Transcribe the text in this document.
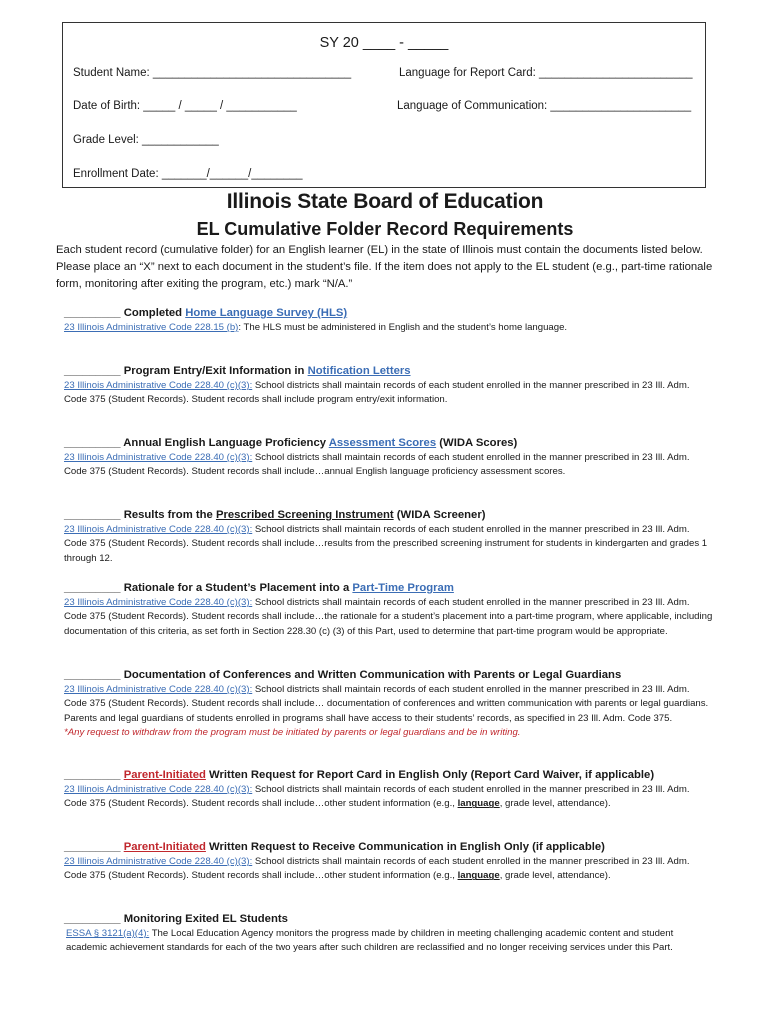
SY 20 ____ - _____
Student Name: _______________________________	Language for Report Card: ________________________
Date of Birth: _____ / _____ / ___________	Language of Communication: ______________________
Grade Level: ____________
Enrollment Date: _______/______/________
Illinois State Board of Education
EL Cumulative Folder Record Requirements
Each student record (cumulative folder) for an English learner (EL) in the state of Illinois must contain the documents listed below. Please place an “X” next to each document in the student’s file. If the item does not apply to the EL student (e.g., part-time rationale form, monitoring after exiting the program, etc.) mark “N/A.”
_________ Completed Home Language Survey (HLS)
23 Illinois Administrative Code 228.15 (b): The HLS must be administered in English and the student’s home language.
_________ Program Entry/Exit Information in Notification Letters
23 Illinois Administrative Code 228.40 (c)(3): School districts shall maintain records of each student enrolled in the manner prescribed in 23 Ill. Adm. Code 375 (Student Records). Student records shall include program entry/exit information.
_________ Annual English Language Proficiency Assessment Scores (WIDA Scores)
23 Illinois Administrative Code 228.40 (c)(3): School districts shall maintain records of each student enrolled in the manner prescribed in 23 Ill. Adm. Code 375 (Student Records). Student records shall include…annual English language proficiency assessment scores.
_________ Results from the Prescribed Screening Instrument (WIDA Screener)
23 Illinois Administrative Code 228.40 (c)(3): School districts shall maintain records of each student enrolled in the manner prescribed in 23 Ill. Adm. Code 375 (Student Records). Student records shall include…results from the prescribed screening instrument for students in kindergarten and grades 1 through 12.
_________ Rationale for a Student’s Placement into a Part-Time Program
23 Illinois Administrative Code 228.40 (c)(3): School districts shall maintain records of each student enrolled in the manner prescribed in 23 Ill. Adm. Code 375 (Student Records). Student records shall include…the rationale for a student’s placement into a part-time program, where applicable, including documentation of this criteria, as set forth in Section 228.30 (c) (3) of this Part, used to determine that part-time program would be appropriate.
_________ Documentation of Conferences and Written Communication with Parents or Legal Guardians
23 Illinois Administrative Code 228.40 (c)(3): School districts shall maintain records of each student enrolled in the manner prescribed in 23 Ill. Adm. Code 375 (Student Records). Student records shall include… documentation of conferences and written communication with parents or legal guardians. Parents and legal guardians of students enrolled in programs shall have access to their students’ records, as specified in 23 Ill. Adm. Code 375.
*Any request to withdraw from the program must be initiated by parents or legal guardians and be in writing.
_________ Parent-Initiated Written Request for Report Card in English Only (Report Card Waiver, if applicable)
23 Illinois Administrative Code 228.40 (c)(3): School districts shall maintain records of each student enrolled in the manner prescribed in 23 Ill. Adm. Code 375 (Student Records). Student records shall include…other student information (e.g., language, grade level, attendance).
_________ Parent-Initiated Written Request to Receive Communication in English Only (if applicable)
23 Illinois Administrative Code 228.40 (c)(3): School districts shall maintain records of each student enrolled in the manner prescribed in 23 Ill. Adm. Code 375 (Student Records). Student records shall include…other student information (e.g., language, grade level, attendance).
_________ Monitoring Exited EL Students
ESSA § 3121(a)(4): The Local Education Agency monitors the progress made by children in meeting challenging academic content and student academic achievement standards for each of the two years after such children are reclassified and no longer receiving services under this Part.
